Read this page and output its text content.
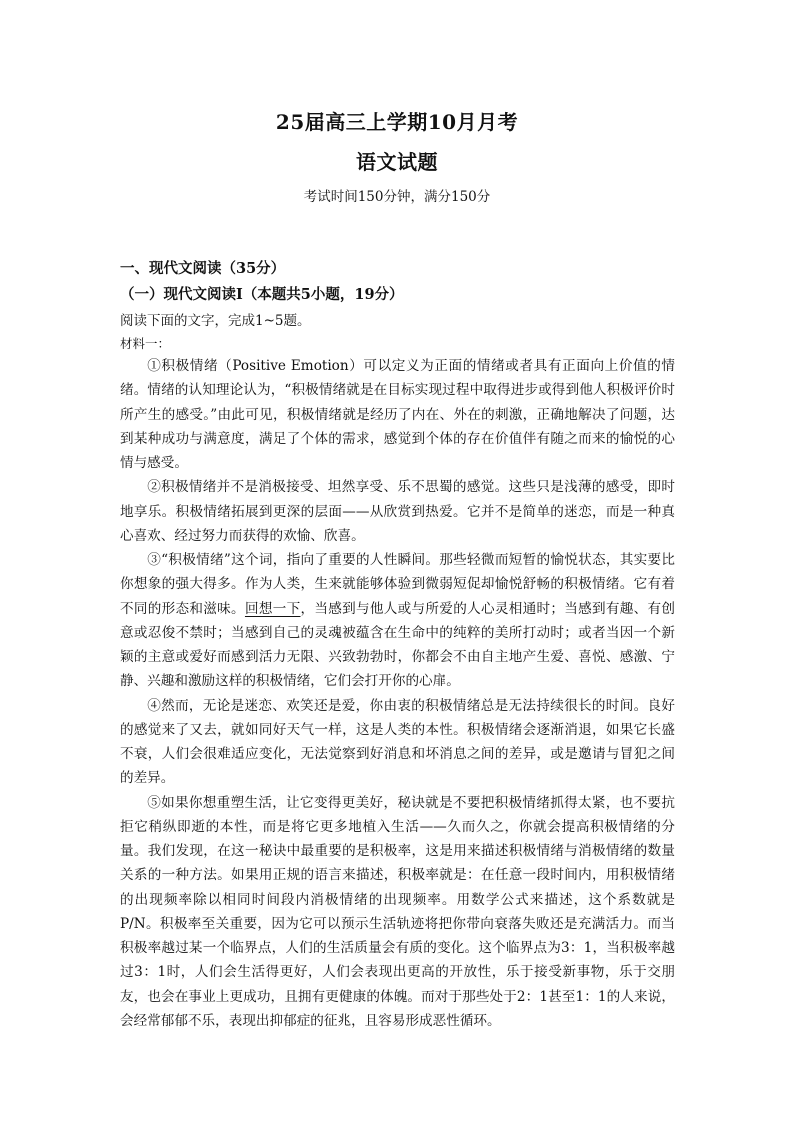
25届高三上学期10月月考
语文试题
考试时间150分钟，满分150分
一、现代文阅读（35分）
（一）现代文阅读Ⅰ（本题共5小题，19分）
阅读下面的文字，完成1~5题。
材料一：

①积极情绪（Positive Emotion）可以定义为正面的情绪或者具有正面向上价值的情绪。情绪的认知理论认为，“积极情绪就是在目标实现过程中取得进步或得到他人积极评价时所产生的感受。”由此可见，积极情绪就是经历了内在、外在的刺激，正确地解决了问题，达到某种成功与满意度，满足了个体的需求，感觉到个体的存在价值伴有随之而来的愉悦的心情与感受。

②积极情绪并不是消极接受、坦然享受、乐不思蜀的感觉。这些只是浅薄的感受，即时地享乐。积极情绪拓展到更深的层面——从欣赏到热爱。它并不是简单的迷恋，而是一种真心喜欢、经过努力而获得的欢愉、欣喜。

③“积极情绪”这个词，指向了重要的人性瞬间。那些轻微而短暂的愉悦状态，其实要比你想象的强大得多。作为人类，生来就能够体验到微弱短促却愉悦舒畅的积极情绪。它有着不同的形态和滋味。回想一下，当感到与他人或与所爱的人心灵相通时；当感到有趣、有创意或忍俊不禁时；当感到自己的灵魂被蕴含在生命中的纯粹的美所打动时；或者当因一个新颖的主意或爱好而感到活力无限、兴致勃勃时，你都会不由自主地产生爱、喜悦、感激、宁静、兴趣和激励这样的积极情绪，它们会打开你的心扉。

④然而，无论是迷恋、欢笑还是爱，你由衷的积极情绪总是无法持续很长的时间。良好的感觉来了又去，就如同好天气一样，这是人类的本性。积极情绪会逐渐消退，如果它长盛不衰，人们会很难适应变化，无法觉察到好消息和坏消息之间的差异，或是邀请与冒犯之间的差异。

⑤如果你想重塑生活，让它变得更美好，秘诀就是不要把积极情绪抓得太紧，也不要抗拒它稍纵即逝的本性，而是将它更多地植入生活——久而久之，你就会提高积极情绪的分量。我们发现，在这一秘诀中最重要的是积极率，这是用来描述积极情绪与消极情绪的数量关系的一种方法。如果用正规的语言来描述，积极率就是：在任意一段时间内，用积极情绪的出现频率除以相同时间段内消极情绪的出现频率。用数学公式来描述，这个系数就是P/N。积极率至关重要，因为它可以预示生活轨迹将把你带向衰落失败还是充满活力。而当积极率越过某一个临界点，人们的生活质量会有质的变化。这个临界点为3：1，当积极率越过3：1时，人们会生活得更好，人们会表现出更高的开放性，乐于接受新事物，乐于交朋友，也会在事业上更成功，且拥有更健康的体魄。而对于那些处于2：1甚至1：1的人来说，会经常郁郁不乐，表现出抑郁症的征兆，且容易形成恶性循环。
